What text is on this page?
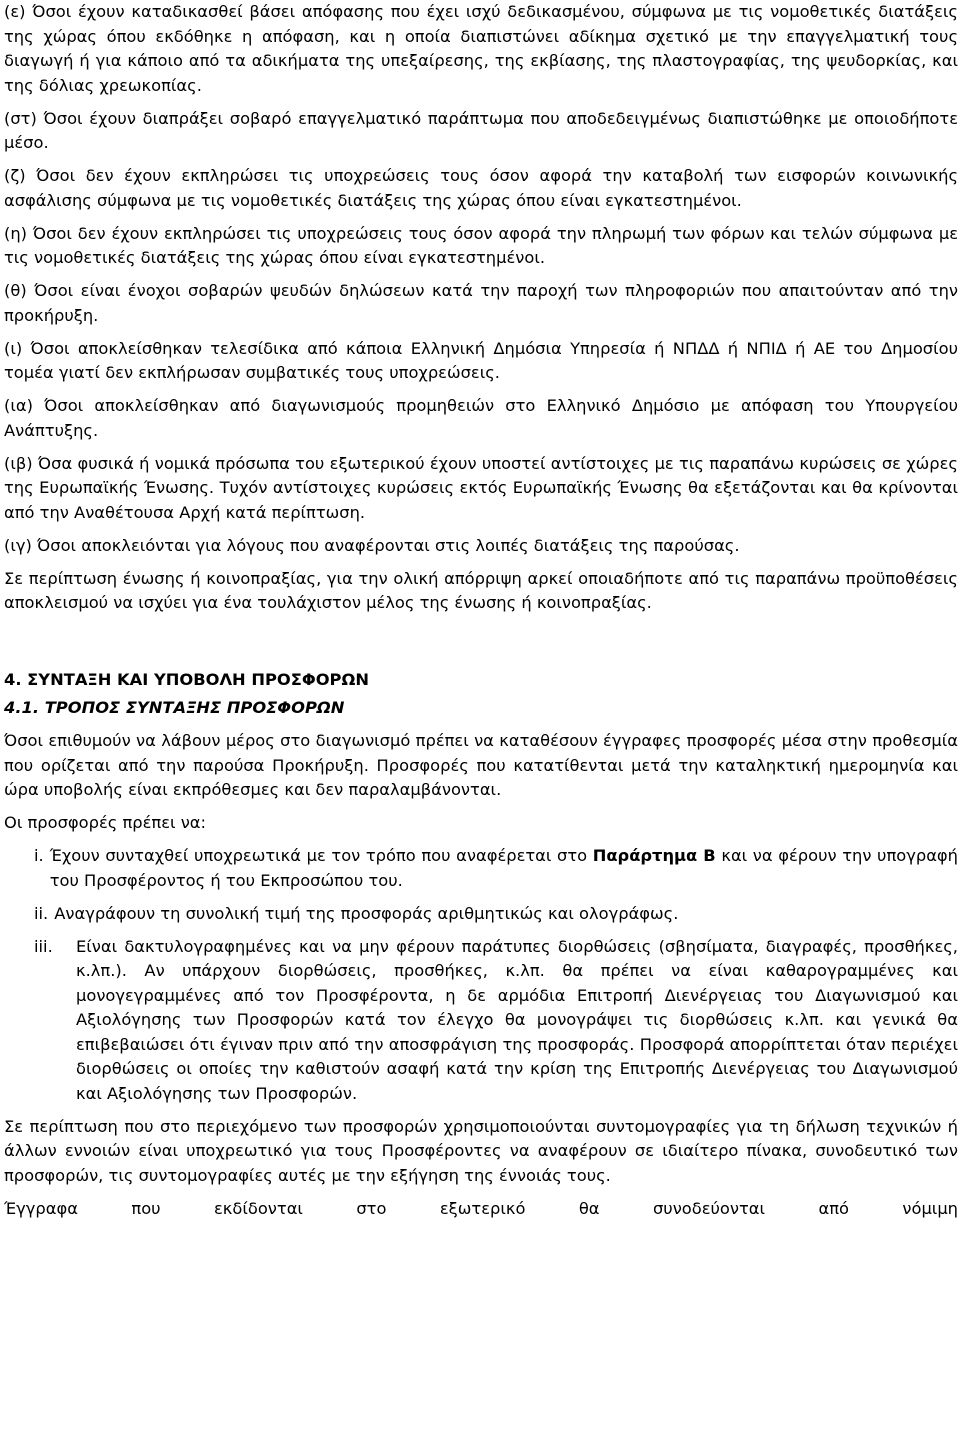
(ε) Όσοι έχουν καταδικασθεί βάσει απόφασης που έχει ισχύ δεδικασμένου, σύμφωνα με τις νομοθετικές διατάξεις της χώρας όπου εκδόθηκε η απόφαση, και η οποία διαπιστώνει αδίκημα σχετικό με την επαγγελματική τους διαγωγή ή για κάποιο από τα αδικήματα της υπεξαίρεσης, της εκβίασης, της πλαστογραφίας, της ψευδορκίας, και της δόλιας χρεωκοπίας.

(στ) Όσοι έχουν διαπράξει σοβαρό επαγγελματικό παράπτωμα που αποδεδειγμένως διαπιστώθηκε με οποιοδήποτε μέσο.

(ζ) Όσοι δεν έχουν εκπληρώσει τις υποχρεώσεις τους όσον αφορά την καταβολή των εισφορών κοινωνικής ασφάλισης σύμφωνα με τις νομοθετικές διατάξεις της χώρας όπου είναι εγκατεστημένοι.

(η) Όσοι δεν έχουν εκπληρώσει τις υποχρεώσεις τους όσον αφορά την πληρωμή των φόρων και τελών σύμφωνα με τις νομοθετικές διατάξεις της χώρας όπου είναι εγκατεστημένοι.

(θ) Όσοι είναι ένοχοι σοβαρών ψευδών δηλώσεων κατά την παροχή των πληροφοριών που απαιτούνταν από την προκήρυξη.

(ι) Όσοι αποκλείσθηκαν τελεσίδικα από κάποια Ελληνική Δημόσια Υπηρεσία ή ΝΠΔΔ ή ΝΠΙΔ ή ΑΕ του Δημοσίου τομέα γιατί δεν εκπλήρωσαν συμβατικές τους υποχρεώσεις.

(ια) Όσοι αποκλείσθηκαν από διαγωνισμούς προμηθειών στο Ελληνικό Δημόσιο με απόφαση του Υπουργείου Ανάπτυξης.

(ιβ) Όσα φυσικά ή νομικά πρόσωπα του εξωτερικού έχουν υποστεί αντίστοιχες με τις παραπάνω κυρώσεις σε χώρες της Ευρωπαϊκής Ένωσης. Τυχόν αντίστοιχες κυρώσεις εκτός Ευρωπαϊκής Ένωσης θα εξετάζονται και θα κρίνονται από την Αναθέτουσα Αρχή κατά περίπτωση.

(ιγ) Όσοι αποκλειόνται για λόγους που αναφέρονται στις λοιπές διατάξεις της παρούσας.

Σε περίπτωση ένωσης ή κοινοπραξίας, για την ολική απόρριψη αρκεί οποιαδήποτε από τις παραπάνω προϋποθέσεις αποκλεισμού να ισχύει για ένα τουλάχιστον μέλος της ένωσης ή κοινοπραξίας.

4. ΣΥΝΤΑΞΗ ΚΑΙ ΥΠΟΒΟΛΗ ΠΡΟΣΦΟΡΩΝ

4.1. ΤΡΟΠΟΣ ΣΥΝΤΑΞΗΣ ΠΡΟΣΦΟΡΩΝ

Όσοι επιθυμούν να λάβουν μέρος στο διαγωνισμό πρέπει να καταθέσουν έγγραφες προσφορές μέσα στην προθεσμία που ορίζεται από την παρούσα Προκήρυξη. Προσφορές που κατατίθενται μετά την καταληκτική ημερομηνία και ώρα υποβολής είναι εκπρόθεσμες και δεν παραλαμβάνονται.

Οι προσφορές πρέπει να:

i. Έχουν συνταχθεί υποχρεωτικά με τον τρόπο που αναφέρεται στο Παράρτημα Β και να φέρουν την υπογραφή του Προσφέροντος ή του Εκπροσώπου του.
ii. Αναγράφουν τη συνολική τιμή της προσφοράς αριθμητικώς και ολογράφως.
iii.	Είναι δακτυλογραφημένες και να μην φέρουν παράτυπες διορθώσεις (σβησίματα, διαγραφές, προσθήκες, κ.λπ.). Αν υπάρχουν διορθώσεις, προσθήκες, κ.λπ. θα πρέπει να είναι καθαρογραμμένες και μονογεγραμμένες από τον Προσφέροντα, η δε αρμόδια Επιτροπή Διενέργειας του Διαγωνισμού και Αξιολόγησης των Προσφορών κατά τον έλεγχο θα μονογράψει τις διορθώσεις κ.λπ. και γενικά θα επιβεβαιώσει ότι έγιναν πριν από την αποσφράγιση της προσφοράς. Προσφορά απορρίπτεται όταν περιέχει διορθώσεις οι οποίες την καθιστούν ασαφή κατά την κρίση της Επιτροπής Διενέργειας του Διαγωνισμού και Αξιολόγησης των Προσφορών.

Σε περίπτωση που στο περιεχόμενο των προσφορών χρησιμοποιούνται συντομογραφίες για τη δήλωση τεχνικών ή άλλων εννοιών είναι υποχρεωτικό για τους Προσφέροντες να αναφέρουν σε ιδιαίτερο πίνακα, συνοδευτικό των προσφορών, τις συντομογραφίες αυτές με την εξήγηση της έννοιάς τους.

Έγγραφα που εκδίδονται στο εξωτερικό θα συνοδεύονται από νόμιμη
